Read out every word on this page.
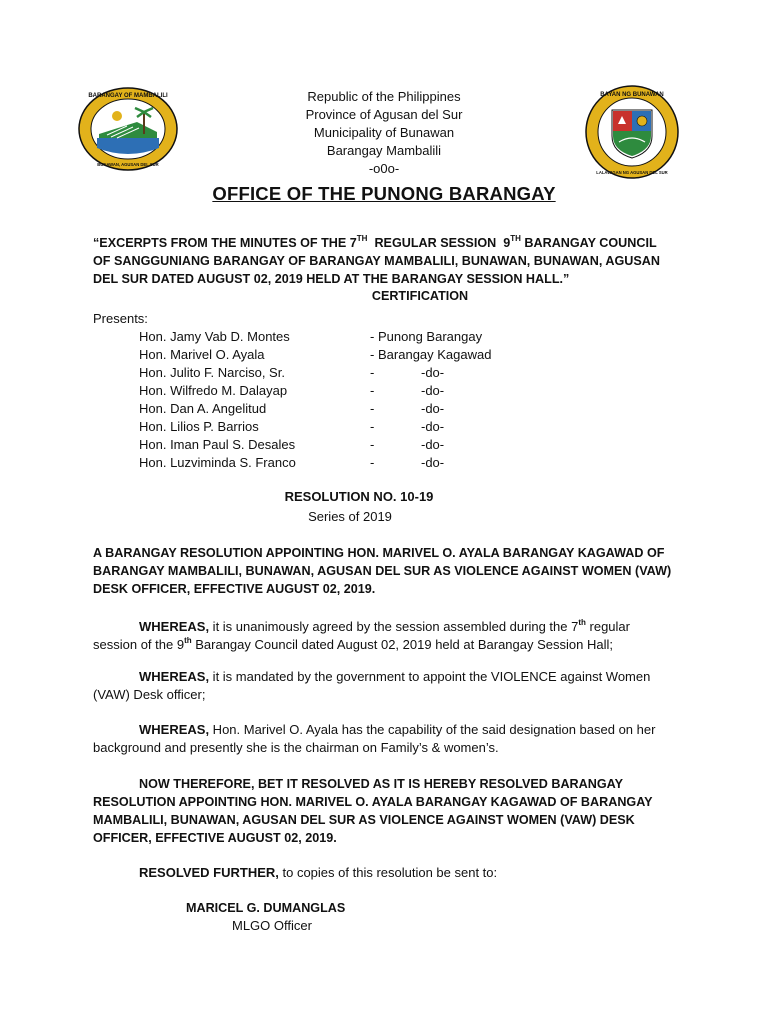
BARANGAY OF MAMBALILI
BUNAWAN, AGUSAN DEL SUR
BAYAN NG BUNAWAN
LALAWIGAN NG AGUSAN DEL SUR
Republic of the Philippines
Province of Agusan del Sur
Municipality of Bunawan
Barangay Mambalili
-o0o-
OFFICE OF THE PUNONG BARANGAY
“EXCERPTS FROM THE MINUTES OF THE 7TH  REGULAR SESSION  9TH BARANGAY COUNCIL OF SANGGUNIANG BARANGAY OF BARANGAY MAMBALILI, BUNAWAN, BUNAWAN, AGUSAN DEL SUR DATED AUGUST 02, 2019 HELD AT THE BARANGAY SESSION HALL.”
CERTIFICATION
Presents:
Hon. Jamy Vab D. Montes	- Punong Barangay
Hon. Marivel O. Ayala	- Barangay Kagawad
Hon. Julito F. Narciso, Sr.	-	-do-
Hon. Wilfredo M. Dalayap	-	-do-
Hon. Dan A. Angelitud	-	-do-
Hon. Lilios P. Barrios	-	-do-
Hon. Iman Paul S. Desales	-	-do-
Hon. Luzviminda S. Franco	-	-do-
RESOLUTION NO. 10-19
Series of 2019
A BARANGAY RESOLUTION APPOINTING HON. MARIVEL O. AYALA BARANGAY KAGAWAD OF BARANGAY MAMBALILI, BUNAWAN, AGUSAN DEL SUR AS VIOLENCE AGAINST WOMEN (VAW) DESK OFFICER, EFFECTIVE AUGUST 02, 2019.
WHEREAS, it is unanimously agreed by the session assembled during the 7th regular session of the 9th Barangay Council dated August 02, 2019 held at Barangay Session Hall;
WHEREAS, it is mandated by the government to appoint the VIOLENCE against Women (VAW) Desk officer;
WHEREAS, Hon. Marivel O. Ayala has the capability of the said designation based on her background and presently she is the chairman on Family’s & women’s.
NOW THEREFORE, BET IT RESOLVED AS IT IS HEREBY RESOLVED BARANGAY RESOLUTION APPOINTING HON. MARIVEL O. AYALA BARANGAY KAGAWAD OF BARANGAY MAMBALILI, BUNAWAN, AGUSAN DEL SUR AS VIOLENCE AGAINST WOMEN (VAW) DESK OFFICER, EFFECTIVE AUGUST 02, 2019.
RESOLVED FURTHER, to copies of this resolution be sent to:
MARICEL G. DUMANGLAS
MLGO Officer
